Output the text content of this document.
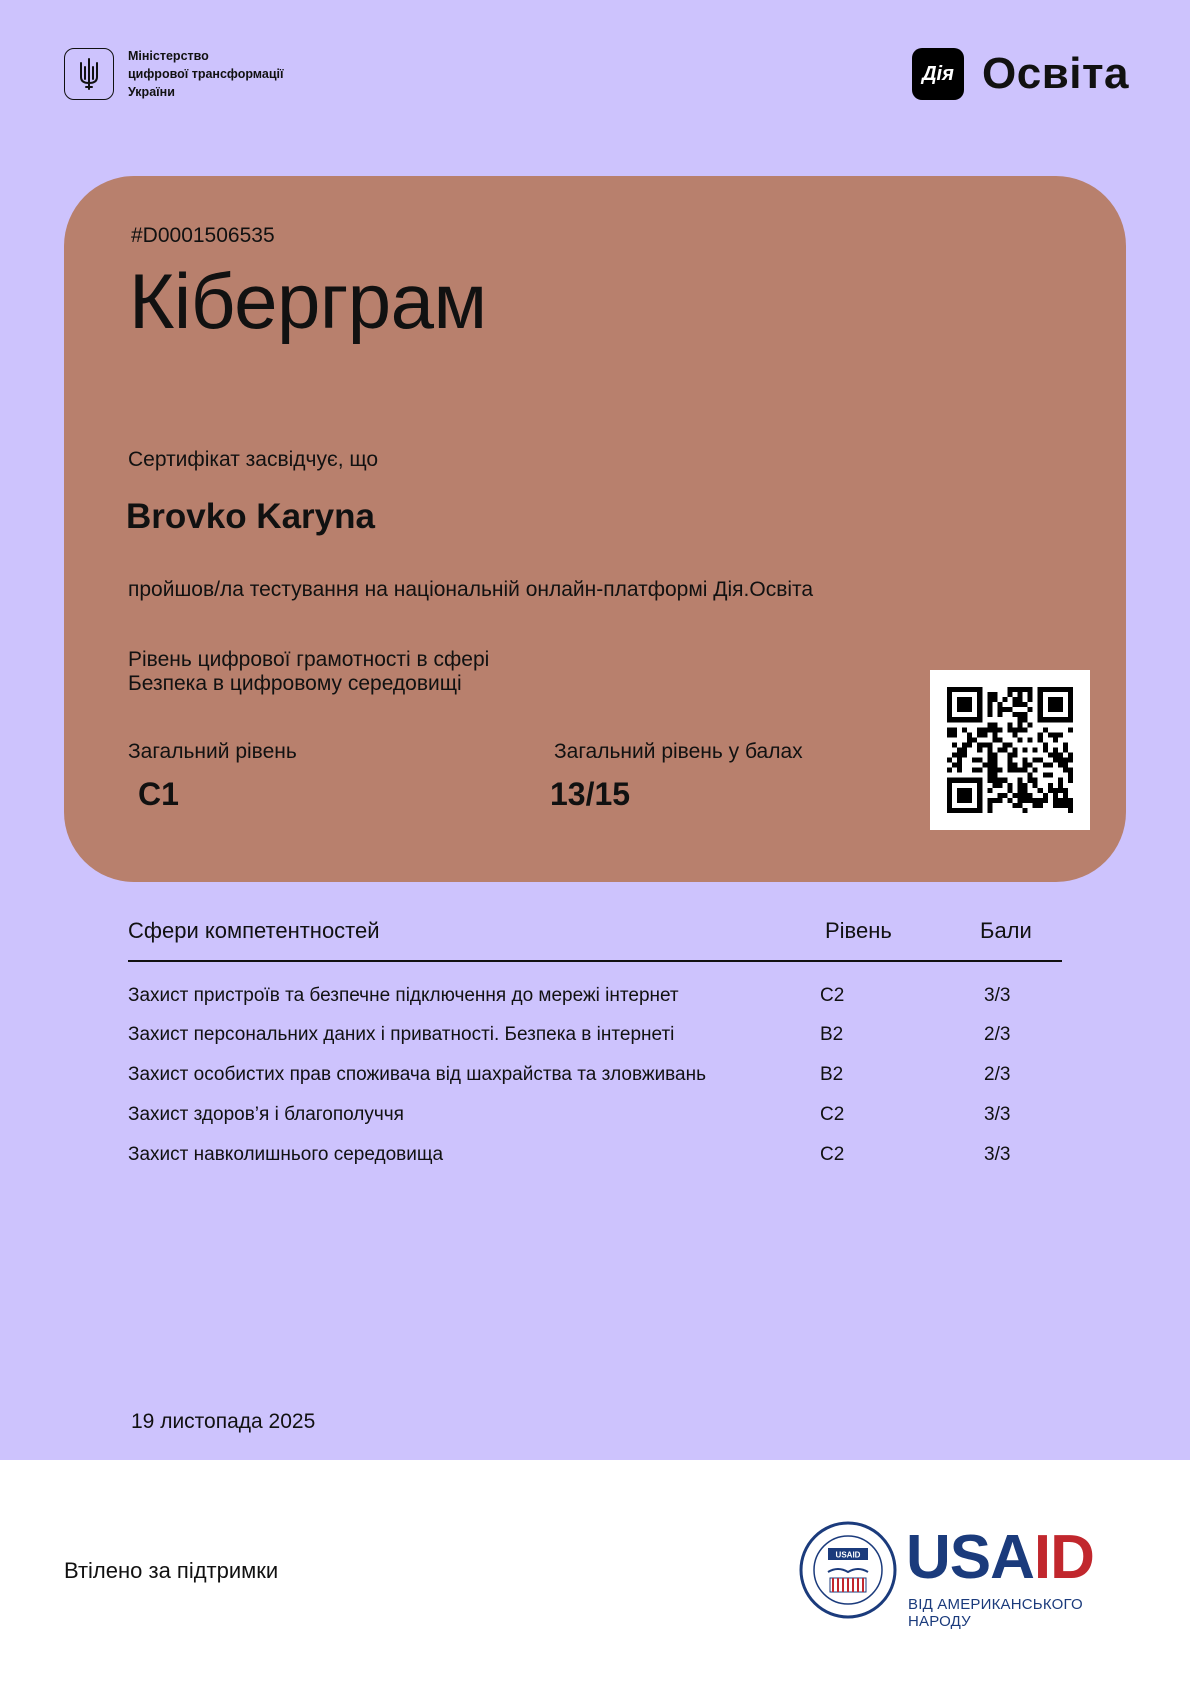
Міністерство
цифрової трансформації
України
Дія Освіта
#D0001506535
Кіберграм
Сертифікат засвідчує, що
Brovko Karyna
пройшов/ла тестування на національній онлайн-платформі Дія.Освіта
Рівень цифрової грамотності в сфері
Безпека в цифровому середовищі
Загальний рівень
C1
Загальний рівень у балах
13/15
Сфери компетентностей	Рівень	Бали
Захист пристроїв та безпечне підключення до мережі інтернет	C2	3/3
Захист персональних даних і приватності. Безпека в інтернеті	B2	2/3
Захист особистих прав споживача від шахрайства та зловживань	B2	2/3
Захист здоров’я і благополуччя	C2	3/3
Захист навколишнього середовища	C2	3/3
19 листопада 2025
Втілено за підтримки
USAID USAID
ВІД АМЕРИКАНСЬКОГО НАРОДУ
